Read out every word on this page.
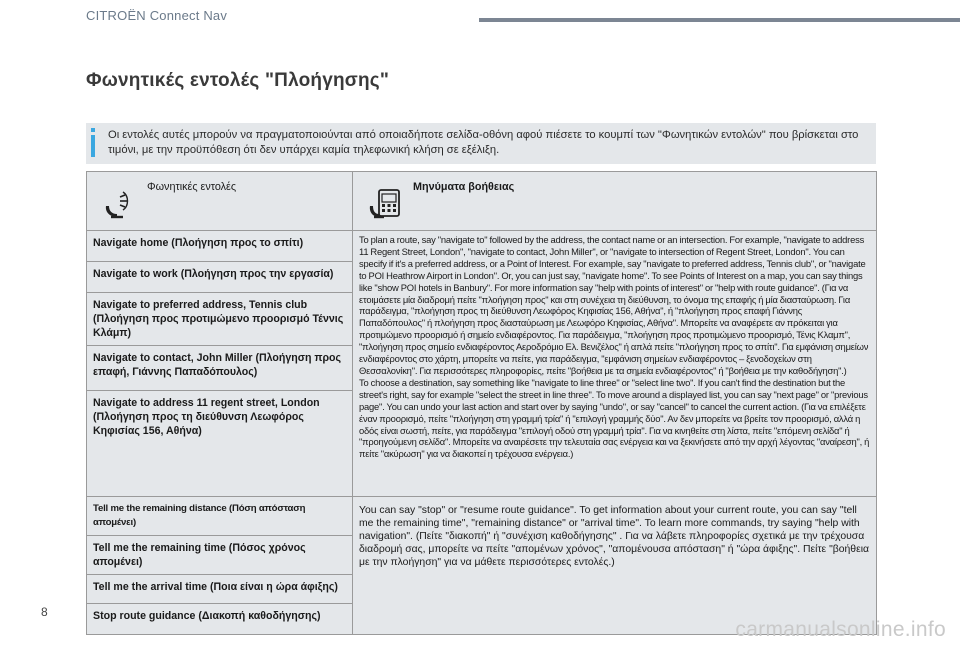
CITROËN Connect Nav
Φωνητικές εντολές "Πλοήγησης"
Οι εντολές αυτές μπορούν να πραγματοποιούνται από οποιαδήποτε σελίδα-οθόνη αφού πιέσετε το κουμπί των "Φωνητικών εντολών" που βρίσκεται στο τιμόνι, με την προϋπόθεση ότι δεν υπάρχει καμία τηλεφωνική κλήση σε εξέλιξη.
Φωνητικές εντολές	Μηνύματα βοήθειας

Navigate home (Πλοήγηση προς το σπίτι)	To plan a route, say "navigate to" followed by the address, the contact name or an intersection. For example, "navigate to address 11 Regent Street, London", "navigate to contact, John Miller", or "navigate to intersection of Regent Street, London". You can specify if it's a preferred address, or a Point of Interest. For example, say "navigate to preferred address, Tennis club", or "navigate to POI Heathrow Airport in London". Or, you can just say, "navigate home". To see Points of Interest on a map, you can say things like "show POI hotels in Banbury". For more information say "help with points of interest" or "help with route guidance". (Για να ετοιμάσετε μία διαδρομή πείτε "πλοήγηση προς" και στη συνέχεια τη διεύθυνση, το όνομα της επαφής ή μία διασταύρωση. Για παράδειγμα, "πλοήγηση προς τη διεύθυνση Λεωφόρος Κηφισίας 156, Αθήνα", ή "πλοήγηση προς επαφή Γιάννης Παπαδόπουλος" ή πλοήγηση προς διασταύρωση με Λεωφόρο Κηφισίας, Αθήνα". Μπορείτε να αναφέρετε αν πρόκειται για προτιμώμενο προορισμό ή σημείο ενδιαφέροντος. Για παράδειγμα, "πλοήγηση προς προτιμώμενο προορισμό, Τένις Κλαμπ", "πλοήγηση προς σημείο ενδιαφέροντος Αεροδρόμιο Ελ. Βενιζέλος" ή απλά πείτε "πλοήγηση προς το σπίτι". Για εμφάνιση σημείων ενδιαφέροντος στο χάρτη, μπορείτε να πείτε, για παράδειγμα, "εμφάνιση σημείων ενδιαφέροντος – ξενοδοχείων στη Θεσσαλονίκη". Για περισσότερες πληροφορίες, πείτε "βοήθεια με τα σημεία ενδιαφέροντος" ή "βοήθεια με την καθοδήγηση".)
To choose a destination, say something like "navigate to line three" or "select line two". If you can't find the destination but the street's right, say for example "select the street in line three". To move around a displayed list, you can say "next page" or "previous page". You can undo your last action and start over by saying "undo", or say "cancel" to cancel the current action. (Για να επιλέξετε έναν προορισμό, πείτε "πλοήγηση στη γραμμή τρία" ή "επιλογή γραμμής δύο". Αν δεν μπορείτε να βρείτε τον προορισμό, αλλά η οδός είναι σωστή, πείτε, για παράδειγμα "επιλογή οδού στη γραμμή τρία". Για να κινηθείτε στη λίστα, πείτε "επόμενη σελίδα" ή "προηγούμενη σελίδα". Μπορείτε να αναιρέσετε την τελευταία σας ενέργεια και να ξεκινήσετε από την αρχή λέγοντας "αναίρεση", ή πείτε "ακύρωση" για να διακοπεί η τρέχουσα ενέργεια.)

Navigate to work (Πλοήγηση προς την εργασία)	
Navigate to preferred address, Tennis club (Πλοήγηση προς προτιμώμενο προορισμό Τέννις Κλάμπ)	
Navigate to contact, John Miller (Πλοήγηση προς επαφή, Γιάννης Παπαδόπουλος)	
Navigate to address 11 regent street, London (Πλοήγηση προς τη διεύθυνση Λεωφόρος Κηφισίας 156, Αθήνα)	
Tell me the remaining distance (Πόση απόσταση απομένει)	You can say "stop" or "resume route guidance". To get information about your current route, you can say "tell me the remaining time", "remaining distance" or "arrival time". To learn more commands, try saying "help with navigation". (Πείτε "διακοπή" ή "συνέχιση καθοδήγησης" . Για να λάβετε πληροφορίες σχετικά με την τρέχουσα διαδρομή σας, μπορείτε να πείτε "απομένων χρόνος", "απομένουσα απόσταση" ή "ώρα άφιξης". Πείτε "βοήθεια με την πλοήγηση" για να μάθετε περισσότερες εντολές.)

Tell me the remaining time (Πόσος χρόνος απομένει)	
Tell me the arrival time (Ποια είναι η ώρα άφιξης)	
Stop route guidance (Διακοπή καθοδήγησης)	
8
carmanualsonline.info
